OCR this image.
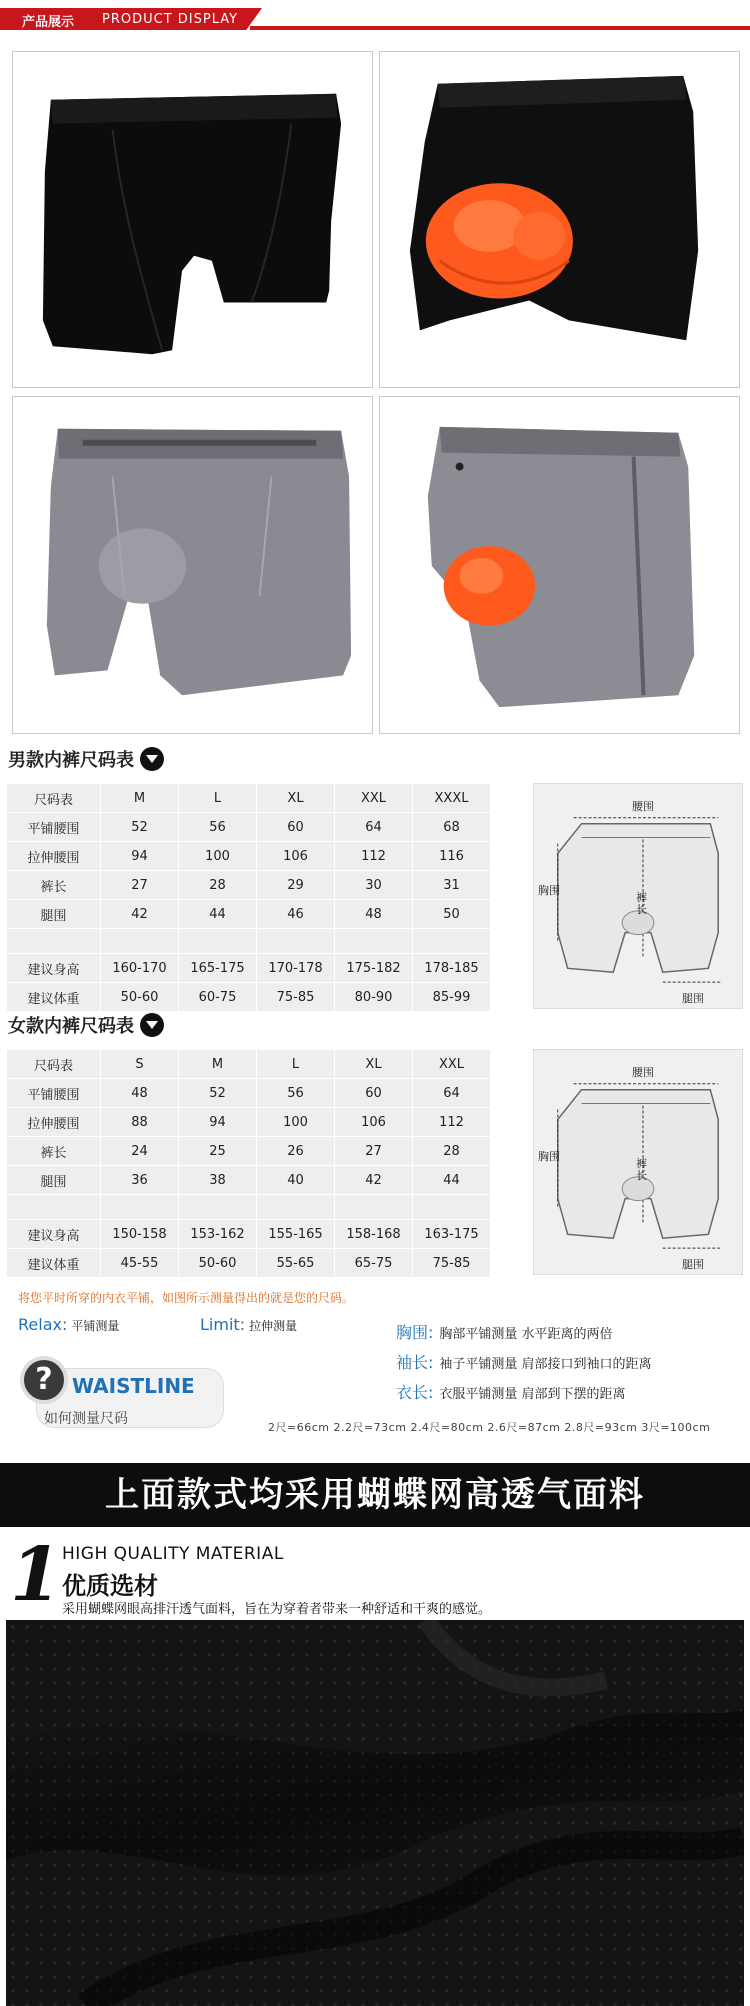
产品展示 PRODUCT DISPLAY
男款内裤尺码表
尺码表	M	L	XL	XXL	XXXL
平铺腰围	52	56	60	64	68
拉伸腰围	94	100	106	112	116
裤长	27	28	29	30	31
腿围	42	44	46	48	50

建议身高	160-170	165-175	170-178	175-182	178-185
建议体重	50-60	60-75	75-85	80-90	85-99
腰围
胸围
裤长
腿围
女款内裤尺码表
尺码表	S	M	L	XL	XXL
平铺腰围	48	52	56	60	64
拉伸腰围	88	94	100	106	112
裤长	24	25	26	27	28
腿围	36	38	40	42	44

建议身高	150-158	153-162	155-165	158-168	163-175
建议体重	45-55	50-60	55-65	65-75	75-85
腰围
胸围
裤长
腿围
将您平时所穿的内衣平铺，如图所示测量得出的就是您的尺码。
Relax: 平铺测量	Limit: 拉伸测量	胸围: 胸部平铺测量 水平距离的两倍
袖长: 袖子平铺测量 肩部接口到袖口的距离
衣长: 衣服平铺测量 肩部到下摆的距离
? WAISTLINE
如何测量尺码
2尺=66cm 2.2尺=73cm 2.4尺=80cm 2.6尺=87cm 2.8尺=93cm 3尺=100cm
上面款式均采用蝴蝶网高透气面料
1 HIGH QUALITY MATERIAL
优质选材
采用蝴蝶网眼高排汗透气面料，旨在为穿着者带来一种舒适和干爽的感觉。
